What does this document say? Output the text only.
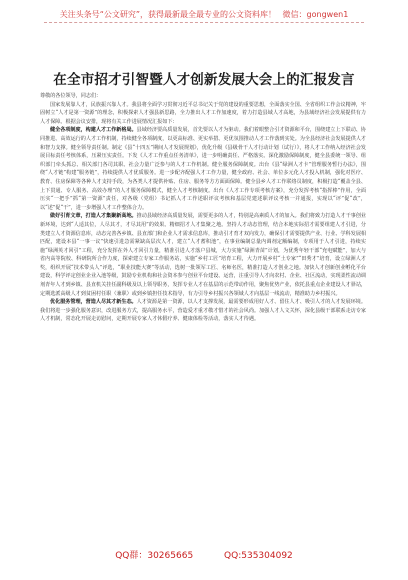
关注头条号“公文研究”，获得最新最全最专业的公文资料库！ 微信：gongwen1
在全市招才引智暨人才创新发展大会上的汇报发言

尊敬的各位领导，同志们：

国家发展靠人才，民族振兴靠人才。我县将全面学习贯彻习近平总书记关于党的建设的重要思想，全面落实全国、全省组织工作会议精神，牢固树立“人才是第一资源”的理念，积极探索人才强县新思路，全力推出人才工作加速度，着力打造县域人才高地，为县域经济社会发展提供有力人才保障。根据会议安排，现将有关工作进展情况汇报如下：

健全各项制度，构建人才工作新格局。县域经济要高质量发展，首先要以人才为驱动。我们着眼整合引才资源和平台，围绕建立上下联动、协同推进、高效运行的人才工作机制，持续健全各项制度，以更高标准、更实举措、更优氛围推动人才工作落到实处。为全县经济社会发展提供人才和智力支撑。健全领导责任制。制定《县“十四五”期间人才发展规划》，优化升级《县级骨干人才行动计划（试行）》，将人才工作纳入经济社会发展目标责任考核体系，压紧压实责任。下发《人才工作重点任务清单》，进一步明确责任、严格落实。深化激励保障制度，健全县委统一领导、组织部门牵头抓总、相关部门各司其职、社会力量广泛参与的人才工作机制。健全服务保障制度。出台《县“绿洲人才卡”管理服务暂行办法》，围绕“人才链”构建“服务链”，持续提供人才优质服务。进一步配齐配强人才工作力量，健全政府、社会、单位多元化人才投入机制，强化对医疗、教育、住房保障等各种人才支持手段，为各类人才提供补贴、住房、服务等方方面面保障。健全县乡人才工作联络员制度，积极打造“覆盖全县、上下贯通、专人服务、高效办理”的人才服务保障模式，健全人才考核制度。出台《人才工作专项考核方案》，充分发挥考核“指挥棒”作用，全面压实“一把手”抓“第一资源”责任，对各级（党组）书记抓人才工作述职评议考核和基层党建述职评议考核一并通报，实现以“评”促“改”，以“述”促“干”，进一步增强人才工作整体合力。

做好引育文章，打造人才集聚新高地。推动县域经济高质量发展，需要更多的人才，特别是高素质人才的加入。我们将致力打造人才干事创业新环境，达到“人适其位，人尽其才，才尽其用”的效果。精细招才人才集聚之地。坚持人才动态管理，结合本地实际招才需要组建人才引进，分类建立人才资源信息库，动态完善各乡镇、县直部门和企业人才需求信息库，推动引才育才双向发力，确保引才需要提供产业、行业、学科发展相匹配，建设本县“一事一议”快速引进急需紧缺高层次人才，建立“人才蓄积池”，在事业编制总量内调剂定额编制，专项用于人才引进，持续实施“绿洲英才回引”工程，充分发挥在外人才回引力量，精准引进人才落户县城，大力实施“绿洲青苗”计划，为优秀年轻干部“充电赋能”，加大与省内高等院校、科研院所合作力度，探索建立专家工作服务站，实施“乡村工匠”培育工程，大力开展乡村“土专家”“田秀才”培育，设立绿洲人才奖，组织开展“技术带头人”评选，“职业技能大赛”等活动，选树一批领军工匠、名师名医，精准打造人才创业之地。加快人才创新创业孵化平台建设，科学评定创业企业入池等级，鼓励专业机构和社会资本参与创业平台建设、运营，注重引导人才向农村、企业、社区流动，实现柔性流动调剂青年人才到乡镇、县直机关挂任副科级及以上领导职务，发挥专业人才在基层的示范带动作用，聚焦优势产业，依托县重点企业建设人才驿站，定期选派高级人才到贫困村任职（兼职）或到乡镇担任技术指导，有力引导乡村振兴各领域人才向基层一线流动，精准助力乡村振兴。

优化服务管理，营造人尽其才新生态。人才资源是第一资源，以人才支撑发展，最需要形成用好人才、留住人才、吸引人才的人才发展环境。我们将进一步强化服务意识，改进服务方式，提高服务水平，营造爱才重才敬才惜才的社会风尚。加强人才人文关怀，深化县级干部联系走访专家人才机制，常态化开展走访慰问，定期开展专家人才休假疗养、健康体检等活动，落实人才待遇。

QQ群：30265665	QQ:535304092
